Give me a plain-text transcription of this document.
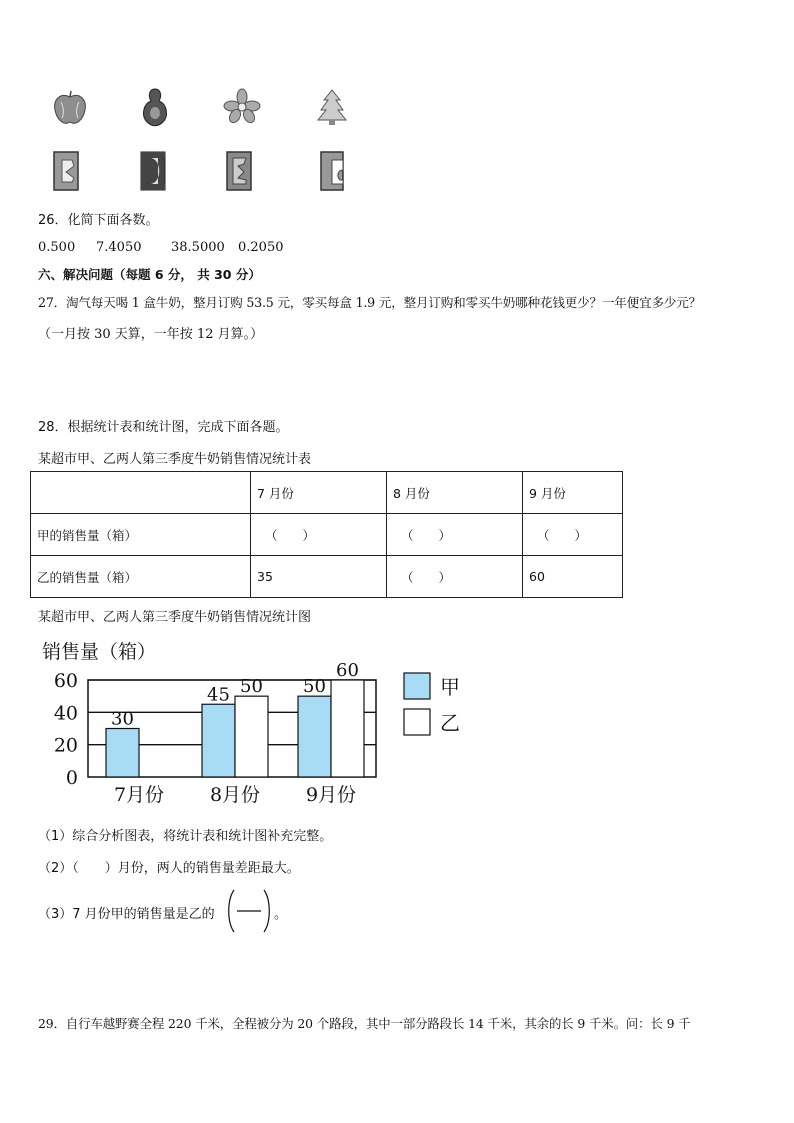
26．化简下面各数。
0.500 7.4050 38.5000 0.2050
六、解决问题（每题 6 分， 共 30 分）
27．淘气每天喝 1 盒牛奶，整月订购 53.5 元，零买每盒 1.9 元，整月订购和零买牛奶哪种花钱更少？一年便宜多少元？
（一月按 30 天算，一年按 12 月算。）
28．根据统计表和统计图，完成下面各题。
某超市甲、乙两人第三季度牛奶销售情况统计表
	7 月份	8 月份	9 月份
甲的销售量（箱）	（　　）	（　　）	（　　）
乙的销售量（箱）	35	（　　）	60
某超市甲、乙两人第三季度牛奶销售情况统计图
销售量（箱）
0
20
40
60
7月份 8月份 9月份
30
45 50 50
60
甲
乙
（1）综合分析图表，将统计表和统计图补充完整。
（2）（　　）月份，两人的销售量差距最大。
（3）7 月份甲的销售量是乙的	。
29．自行车越野赛全程 220 千米，全程被分为 20 个路段，其中一部分路段长 14 千米，其余的长 9 千米。问：长 9 千
